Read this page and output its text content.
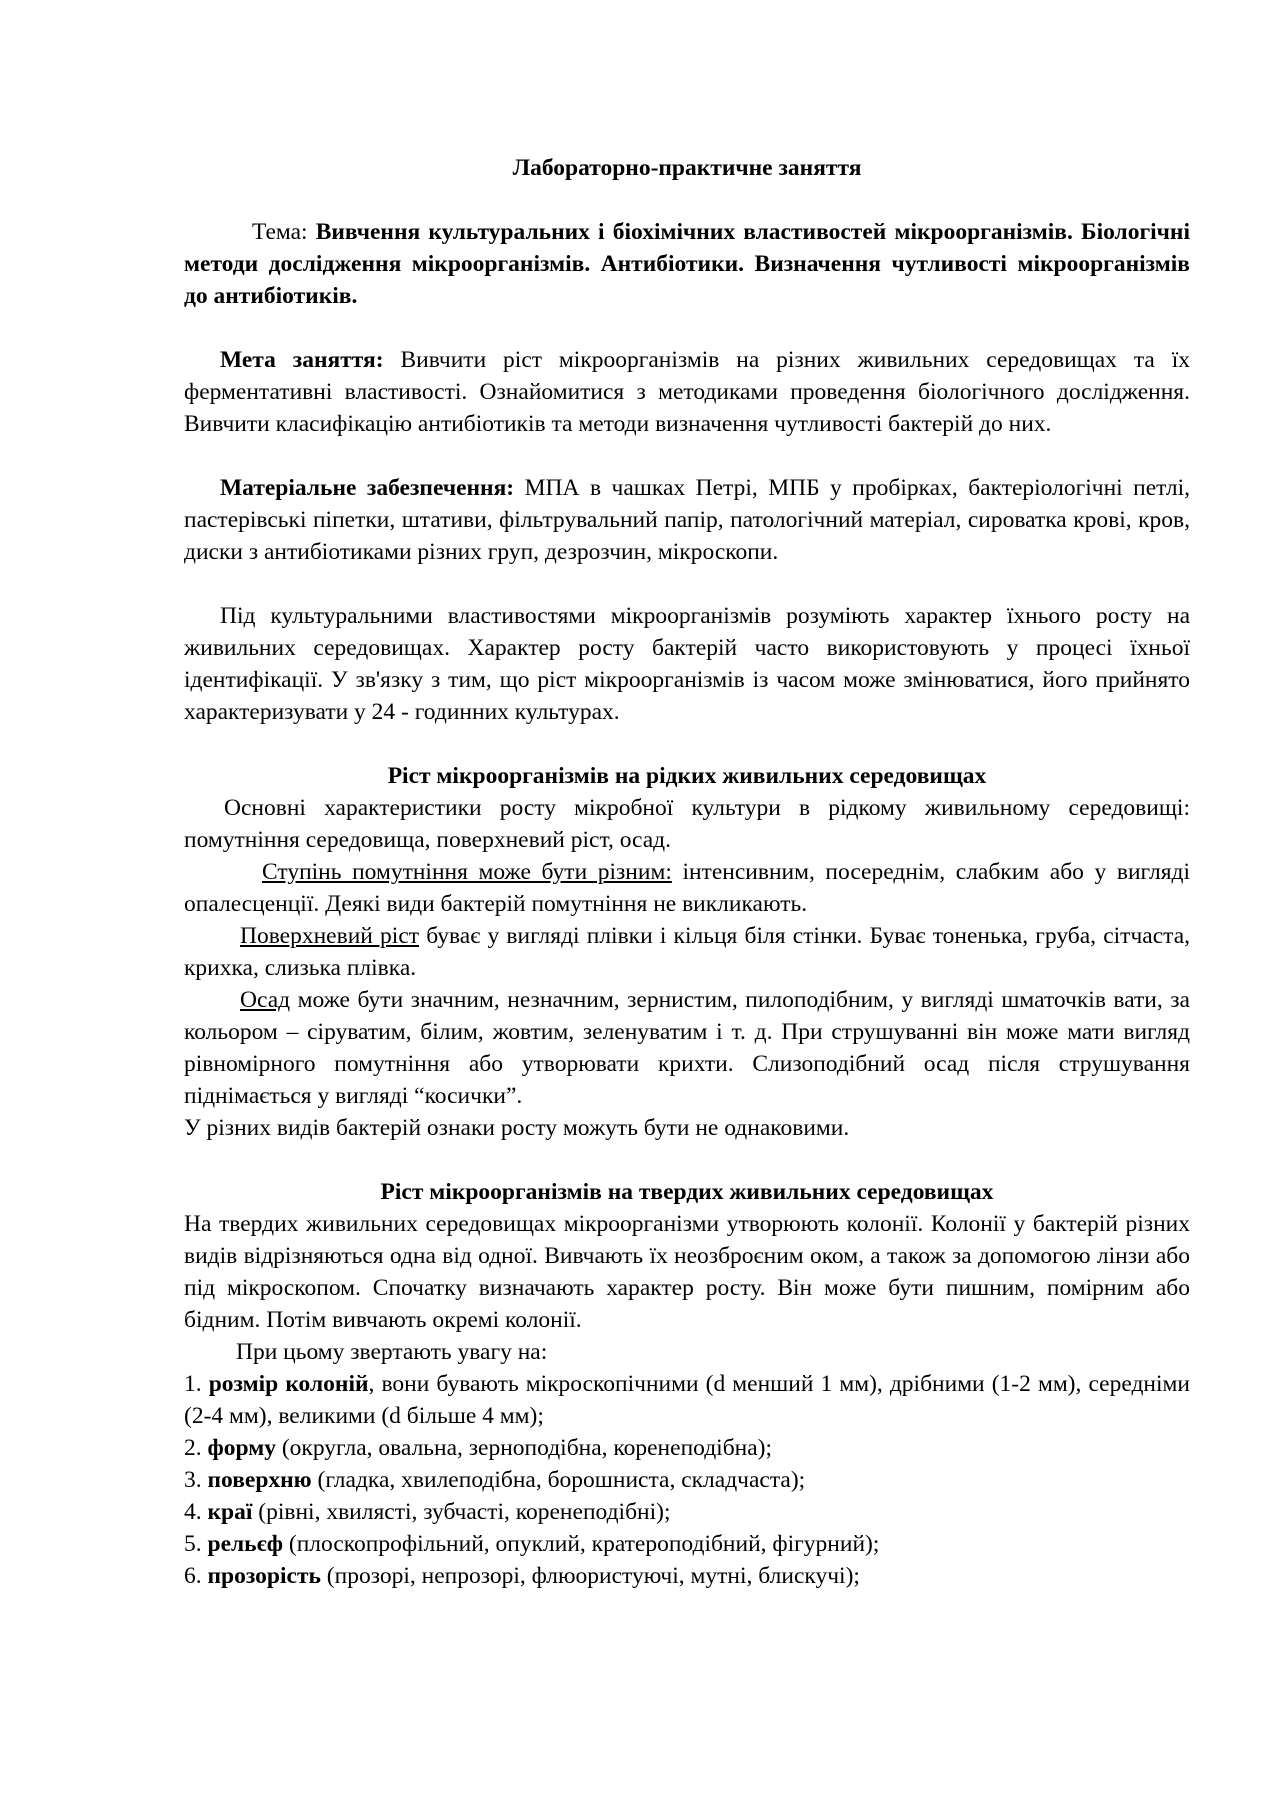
Лабораторно-практичне заняття

Тема: Вивчення культуральних і біохімічних властивостей мікроорганізмів. Біологічні методи дослідження мікроорганізмів. Антибіотики. Визначення чутливості мікроорганізмів до антибіотиків.

Мета заняття: Вивчити ріст мікроорганізмів на різних живильних середовищах та їх ферментативні властивості. Ознайомитися з методиками проведення біологічного дослідження. Вивчити класифікацію антибіотиків та методи визначення чутливості бактерій до них.

Матеріальне забезпечення: МПА в чашках Петрі, МПБ у пробірках, бактеріологічні петлі, пастерівські піпетки, штативи, фільтрувальний папір, патологічний матеріал, сироватка крові, кров, диски з антибіотиками різних груп, дезрозчин, мікроскопи.

Під культуральними властивостями мікроорганізмів розуміють характер їхнього росту на живильних середовищах. Характер росту бактерій часто використовують у процесі їхньої ідентифікації. У зв'язку з тим, що ріст мікроорганізмів із часом може змінюватися, його прийнято характеризувати у 24 - годинних культурах.

Ріст мікроорганізмів на рідких живильних середовищах

Основні характеристики росту мікробної культури в рідкому живильному середовищі: помутніння середовища, поверхневий ріст, осад.

Ступінь помутніння може бути різним: інтенсивним, посереднім, слабким або у вигляді опалесценції. Деякі види бактерій помутніння не викликають.

Поверхневий ріст буває у вигляді плівки і кільця біля стінки. Буває тоненька, груба, сітчаста, крихка, слизька плівка.

Осад може бути значним, незначним, зернистим, пилоподібним, у вигляді шматочків вати, за кольором – сіруватим, білим, жовтим, зеленуватим і т. д. При струшуванні він може мати вигляд рівномірного помутніння або утворювати крихти. Слизоподібний осад після струшування піднімається у вигляді “косички”.

У різних видів бактерій ознаки росту можуть бути не однаковими.

Ріст мікроорганізмів на твердих живильних середовищах

На твердих живильних середовищах мікроорганізми утворюють колонії. Колонії у бактерій різних видів відрізняються одна від одної. Вивчають їх неозброєним оком, а також за допомогою лінзи або під мікроскопом. Спочатку визначають характер росту. Він може бути пишним, помірним або бідним. Потім вивчають окремі колонії.

При цьому звертають увагу на:

1. розмір колоній, вони бувають мікроскопічними (d менший 1 мм), дрібними (1-2 мм), середніми (2-4 мм), великими (d більше 4 мм);

2. форму (округла, овальна, зерноподібна, коренеподібна);

3. поверхню (гладка, хвилеподібна, борошниста, складчаста);

4. краї (рівні, хвилясті, зубчасті, коренеподібні);

5. рельєф (плоскопрофільний, опуклий, кратероподібний, фігурний);

6. прозорість (прозорі, непрозорі, флюористуючі, мутні, блискучі);
